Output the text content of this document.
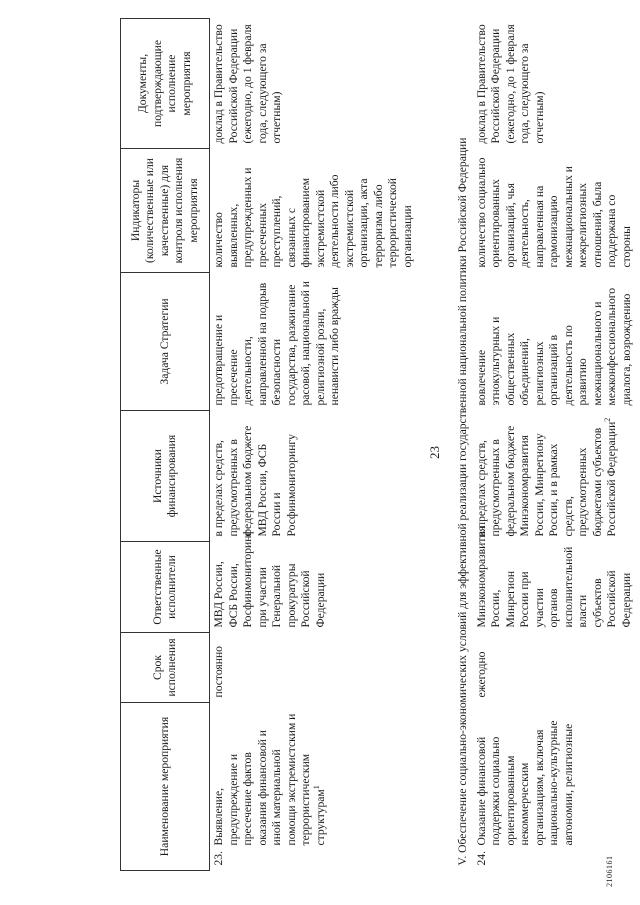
23
Наименование мероприятия	Срок исполнения	Ответственные исполнители	Источники финансирования	Задача Стратегии	Индикаторы (количественные или качественные) для контроля исполнения мероприятия	Документы, подтверждающие исполнение мероприятия

23.
Выявление, предупреждение и пресечение фактов оказания финансовой и иной материальной помощи экстремистским и террористическим структурам$^1$	постоянно	МВД России, ФСБ России, Росфинмониторинг при участии Генеральной прокуратуры Российской Федерации	в пределах средств, предусмотренных в федеральном бюджете МВД России, ФСБ России и Росфинмониторингу	предотвращение и пресечение деятельности, направленной на подрыв безопасности государства, разжигание расовой, национальной и религиозной розни, ненависти либо вражды	количество выявленных, предупрежденных и пресеченных преступлений, связанных с финансированием экстремистской деятельности либо экстремистской организации, акта терроризма либо террористической организации	доклад в Правительство Российской Федерации (ежегодно, до 1 февраля года, следующего за отчетным)
V. Обеспечение социально-экономических условий для эффективной реализации государственной национальной политики Российской Федерации						

24.
Оказание финансовой поддержки социально ориентированным некоммерческим организациям, включая национально-культурные автономии, религиозные	ежегодно	Минэкономразвития России, Минрегион России при участии органов исполнительной власти субъектов Российской Федерации	в пределах средств, предусмотренных в федеральном бюджете Минэкономразвития России, Минрегиону России, и в рамках средств, предусмотренных бюджетами субъектов Российской Федерации$^2$	вовлечение этнокультурных и общественных объединений, религиозных организаций в деятельность по развитию межнационального и межконфессионального диалога, возрождению	количество социально ориентированных организаций, чья деятельность, направленная на гармонизацию межнациональных и межрелигиозных отношений, была поддержана со стороны	доклад в Правительство Российской Федерации (ежегодно, до 1 февраля года, следующего за отчетным)
2106161
